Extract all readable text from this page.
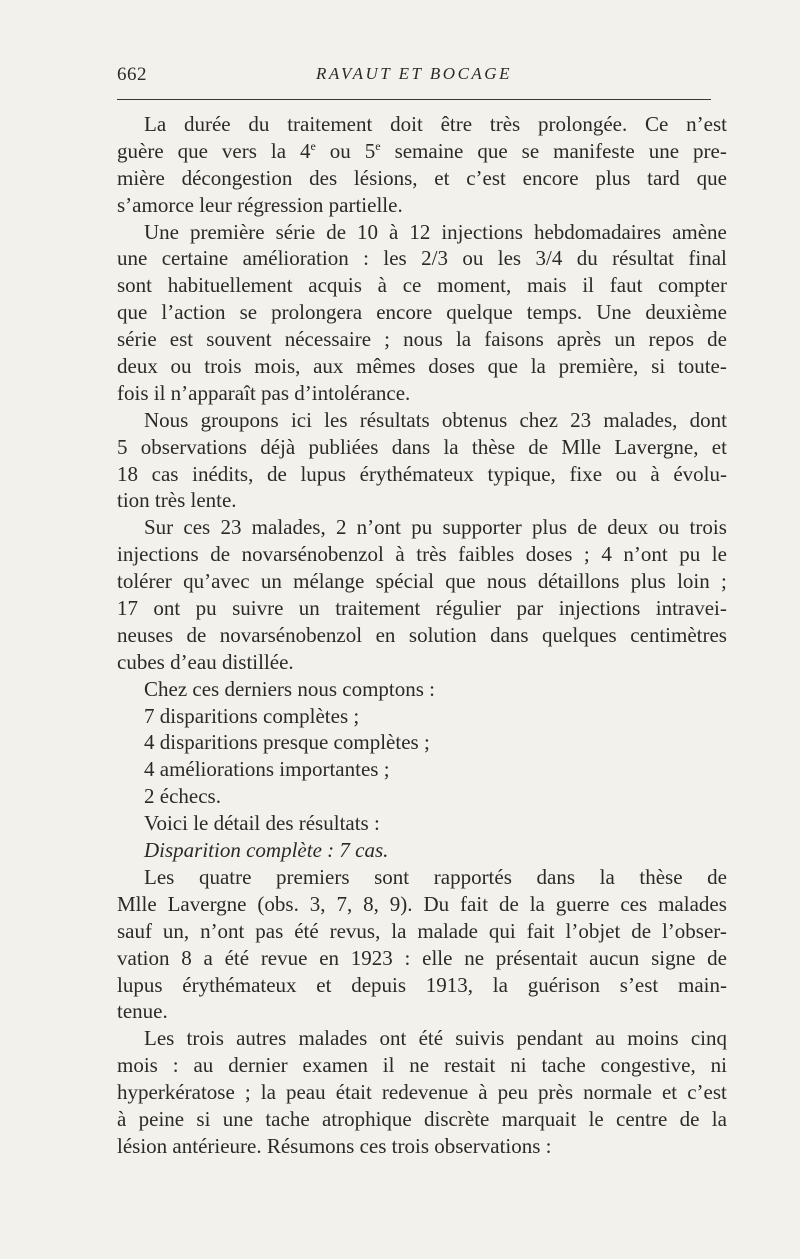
662	RAVAUT ET BOCAGE
La durée du traitement doit être très prolongée. Ce n’est
guère que vers la 4e ou 5e semaine que se manifeste une pre-
mière décongestion des lésions, et c’est encore plus tard que
s’amorce leur régression partielle.
Une première série de 10 à 12 injections hebdomadaires amène
une certaine amélioration : les 2/3 ou les 3/4 du résultat final
sont habituellement acquis à ce moment, mais il faut compter
que l’action se prolongera encore quelque temps. Une deuxième
série est souvent nécessaire ; nous la faisons après un repos de
deux ou trois mois, aux mêmes doses que la première, si toute-
fois il n’apparaît pas d’intolérance.
Nous groupons ici les résultats obtenus chez 23 malades, dont
5 observations déjà publiées dans la thèse de Mlle Lavergne, et
18 cas inédits, de lupus érythémateux typique, fixe ou à évolu-
tion très lente.
Sur ces 23 malades, 2 n’ont pu supporter plus de deux ou trois
injections de novarsénobenzol à très faibles doses ; 4 n’ont pu le
tolérer qu’avec un mélange spécial que nous détaillons plus loin ;
17 ont pu suivre un traitement régulier par injections intravei-
neuses de novarsénobenzol en solution dans quelques centimètres
cubes d’eau distillée.
Chez ces derniers nous comptons :
7 disparitions complètes ;
4 disparitions presque complètes ;
4 améliorations importantes ;
2 échecs.
Voici le détail des résultats :
Disparition complète : 7 cas.
Les quatre premiers sont rapportés dans la thèse de
Mlle Lavergne (obs. 3, 7, 8, 9). Du fait de la guerre ces malades
sauf un, n’ont pas été revus, la malade qui fait l’objet de l’obser-
vation 8 a été revue en 1923 : elle ne présentait aucun signe de
lupus érythémateux et depuis 1913, la guérison s’est main-
tenue.
Les trois autres malades ont été suivis pendant au moins cinq
mois : au dernier examen il ne restait ni tache congestive, ni
hyperkératose ; la peau était redevenue à peu près normale et c’est
à peine si une tache atrophique discrète marquait le centre de la
lésion antérieure. Résumons ces trois observations :
